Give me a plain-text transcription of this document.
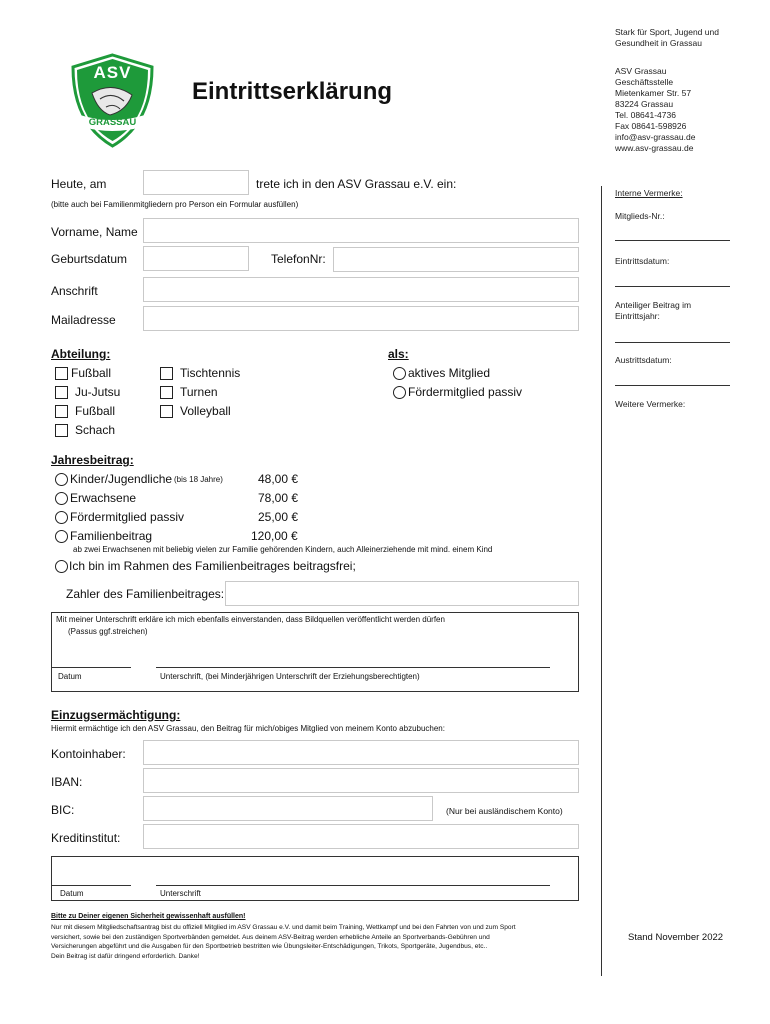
ASV
GRASSAU
Eintrittserklärung
Stark für Sport, Jugend und
Gesundheit in Grassau
ASV Grassau
Geschäftsstelle
Mietenkamer Str. 57
83224 Grassau
Tel. 08641-4736
Fax 08641-598926
info@asv-grassau.de
www.asv-grassau.de
Interne Vermerke:
Mitglieds-Nr.:
Eintrittsdatum:
Anteiliger Beitrag im
Eintrittsjahr:
Austrittsdatum:
Weitere Vermerke:
Stand November 2022
Heute, am	trete ich in den ASV Grassau e.V. ein:
(bitte auch bei Familienmitgliedern pro Person ein Formular ausfüllen)
Vorname, Name
Geburtsdatum	TelefonNr:
Anschrift
Mailadresse
Abteilung:
Fußball
Ju-Jutsu
Fußball
Schach
Tischtennis
Turnen
Volleyball
als:
aktives Mitglied
Fördermitglied passiv
Jahresbeitrag:
Kinder/Jugendliche (bis 18 Jahre)	48,00 €
Erwachsene	78,00 €
Fördermitglied passiv	25,00 €
Familienbeitrag	120,00 €
ab zwei Erwachsenen mit beliebig vielen zur Familie gehörenden Kindern, auch Alleinerziehende mit mind. einem Kind
Ich bin im Rahmen des Familienbeitrages beitragsfrei;
Zahler des Familienbeitrages:
Mit meiner Unterschrift erkläre ich mich ebenfalls einverstanden, dass Bildquellen veröffentlicht werden dürfen
(Passus ggf.streichen)
Datum	Unterschrift, (bei Minderjährigen Unterschrift der Erziehungsberechtigten)
Einzugsermächtigung:
Hiermit ermächtige ich den ASV Grassau, den Beitrag für mich/obiges Mitglied von meinem Konto abzubuchen:
Kontoinhaber:
IBAN:
BIC:	(Nur bei ausländischem Konto)
Kreditinstitut:
Datum	Unterschrift
Bitte zu Deiner eigenen Sicherheit gewissenhaft ausfüllen!
Nur mit diesem Mitgliedschaftsantrag bist du offiziell Mitglied im ASV Grassau e.V. und damit beim Training, Wettkampf und bei den Fahrten von und zum Sport
versichert, sowie bei den zuständigen Sportverbänden gemeldet. Aus deinem ASV-Beitrag werden erhebliche Anteile an Sportverbands-Gebühren und
Versicherungen abgeführt und die Ausgaben für den Sportbetrieb bestritten wie Übungsleiter-Entschädigungen, Trikots, Sportgeräte, Jugendbus, etc..
Dein Beitrag ist dafür dringend erforderlich. Danke!
